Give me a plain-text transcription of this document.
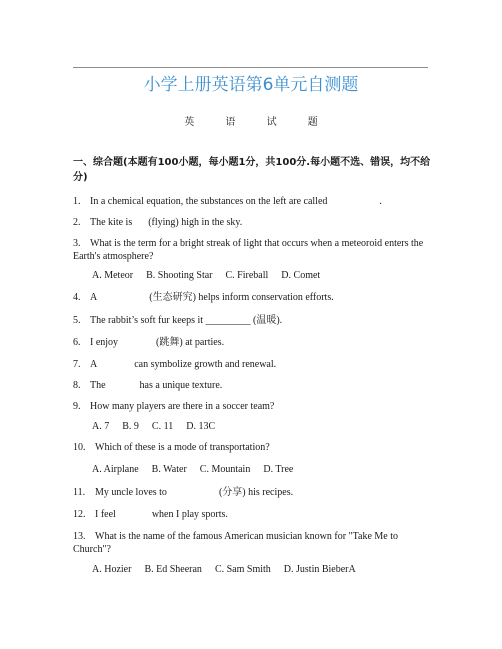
小学上册英语第6单元自测题
英 语 试 题
一、综合题(本题有100小题，每小题1分，共100分.每小题不选、错误，均不给分)
1. In a chemical equation, the substances on the left are called	.
2. The kite is (flying) high in the sky.
3. What is the term for a bright streak of light that occurs when a meteoroid enters the Earth's atmosphere?
A. Meteor B. Shooting Star C. Fireball D. Comet
4. A	(生态研究) helps inform conservation efforts.
5. The rabbit’s soft fur keeps it _________ (温暖).
6. I enjoy	(跳舞) at parties.
7. A	can symbolize growth and renewal.
8. The	has a unique texture.
9. How many players are there in a soccer team?
A. 7 B. 9 C. 11 D. 13C
10. Which of these is a mode of transportation?
A. Airplane B. Water C. Mountain D. Tree
11. My uncle loves to	(分享) his recipes.
12. I feel	when I play sports.
13. What is the name of the famous American musician known for "Take Me to Church"?
A. Hozier B. Ed Sheeran C. Sam Smith D. Justin BieberA
